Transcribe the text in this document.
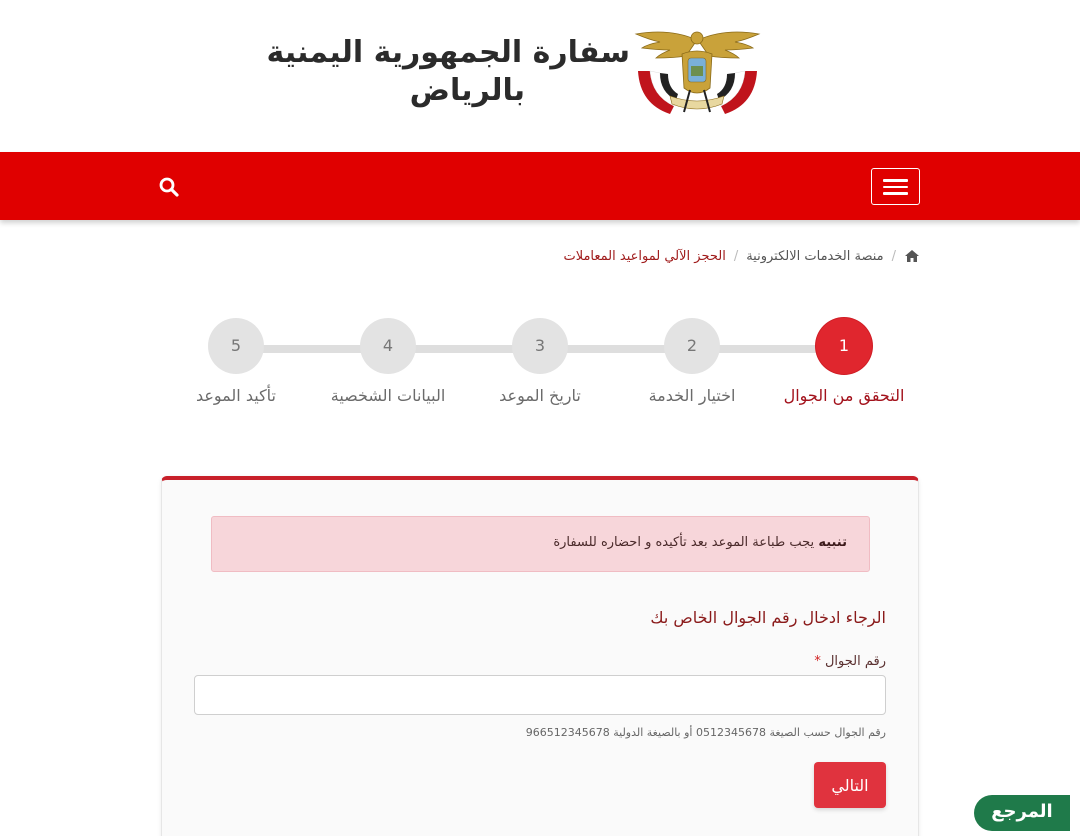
سفارة الجمهورية اليمنية
بالرياض
/
منصة الخدمات الالكترونية
/
الحجز الآلي لمواعيد المعاملات
1
التحقق من الجوال
2
اختيار الخدمة
3
تاريخ الموعد
4
البيانات الشخصية
5
تأكيد الموعد
تنبيه يجب طباعة الموعد بعد تأكيده و احضاره للسفارة
الرجاء ادخال رقم الجوال الخاص بك
رقم الجوال *
رقم الجوال حسب الصيغة 0512345678 أو بالصيغة الدولية 966512345678
التالي
المرجع
